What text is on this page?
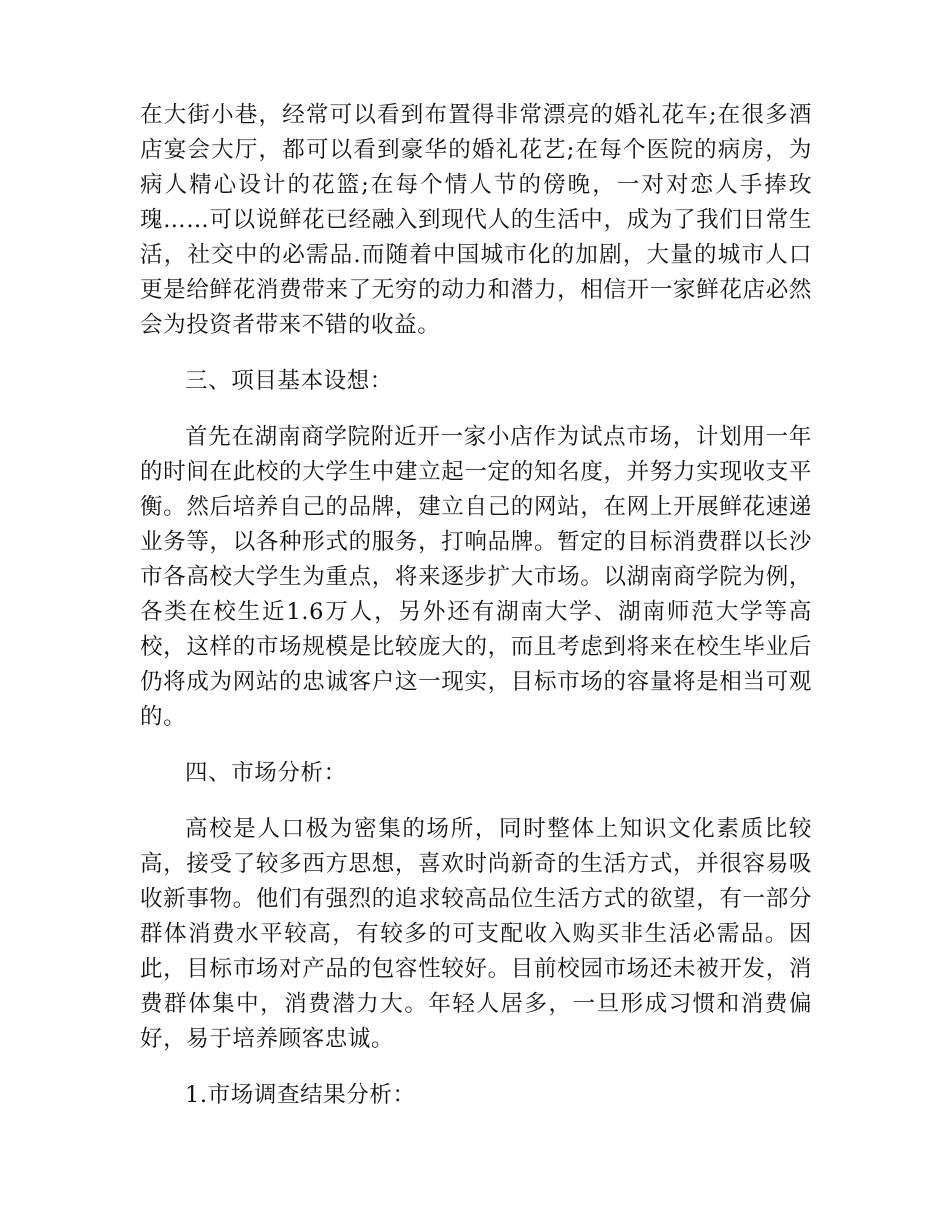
在大街小巷，经常可以看到布置得非常漂亮的婚礼花车;在很多酒店宴会大厅，都可以看到豪华的婚礼花艺;在每个医院的病房，为病人精心设计的花篮;在每个情人节的傍晚，一对对恋人手捧玫瑰……可以说鲜花已经融入到现代人的生活中，成为了我们日常生活，社交中的必需品.而随着中国城市化的加剧，大量的城市人口更是给鲜花消费带来了无穷的动力和潜力，相信开一家鲜花店必然会为投资者带来不错的收益。

三、项目基本设想：

首先在湖南商学院附近开一家小店作为试点市场，计划用一年的时间在此校的大学生中建立起一定的知名度，并努力实现收支平衡。然后培养自己的品牌，建立自己的网站，在网上开展鲜花速递业务等，以各种形式的服务，打响品牌。暂定的目标消费群以长沙市各高校大学生为重点，将来逐步扩大市场。以湖南商学院为例，各类在校生近1.6万人，另外还有湖南大学、湖南师范大学等高校，这样的市场规模是比较庞大的，而且考虑到将来在校生毕业后仍将成为网站的忠诚客户这一现实，目标市场的容量将是相当可观的。

四、市场分析：

高校是人口极为密集的场所，同时整体上知识文化素质比较高，接受了较多西方思想，喜欢时尚新奇的生活方式，并很容易吸收新事物。他们有强烈的追求较高品位生活方式的欲望，有一部分群体消费水平较高，有较多的可支配收入购买非生活必需品。因此，目标市场对产品的包容性较好。目前校园市场还未被开发，消费群体集中，消费潜力大。年轻人居多，一旦形成习惯和消费偏好，易于培养顾客忠诚。

1.市场调查结果分析：
